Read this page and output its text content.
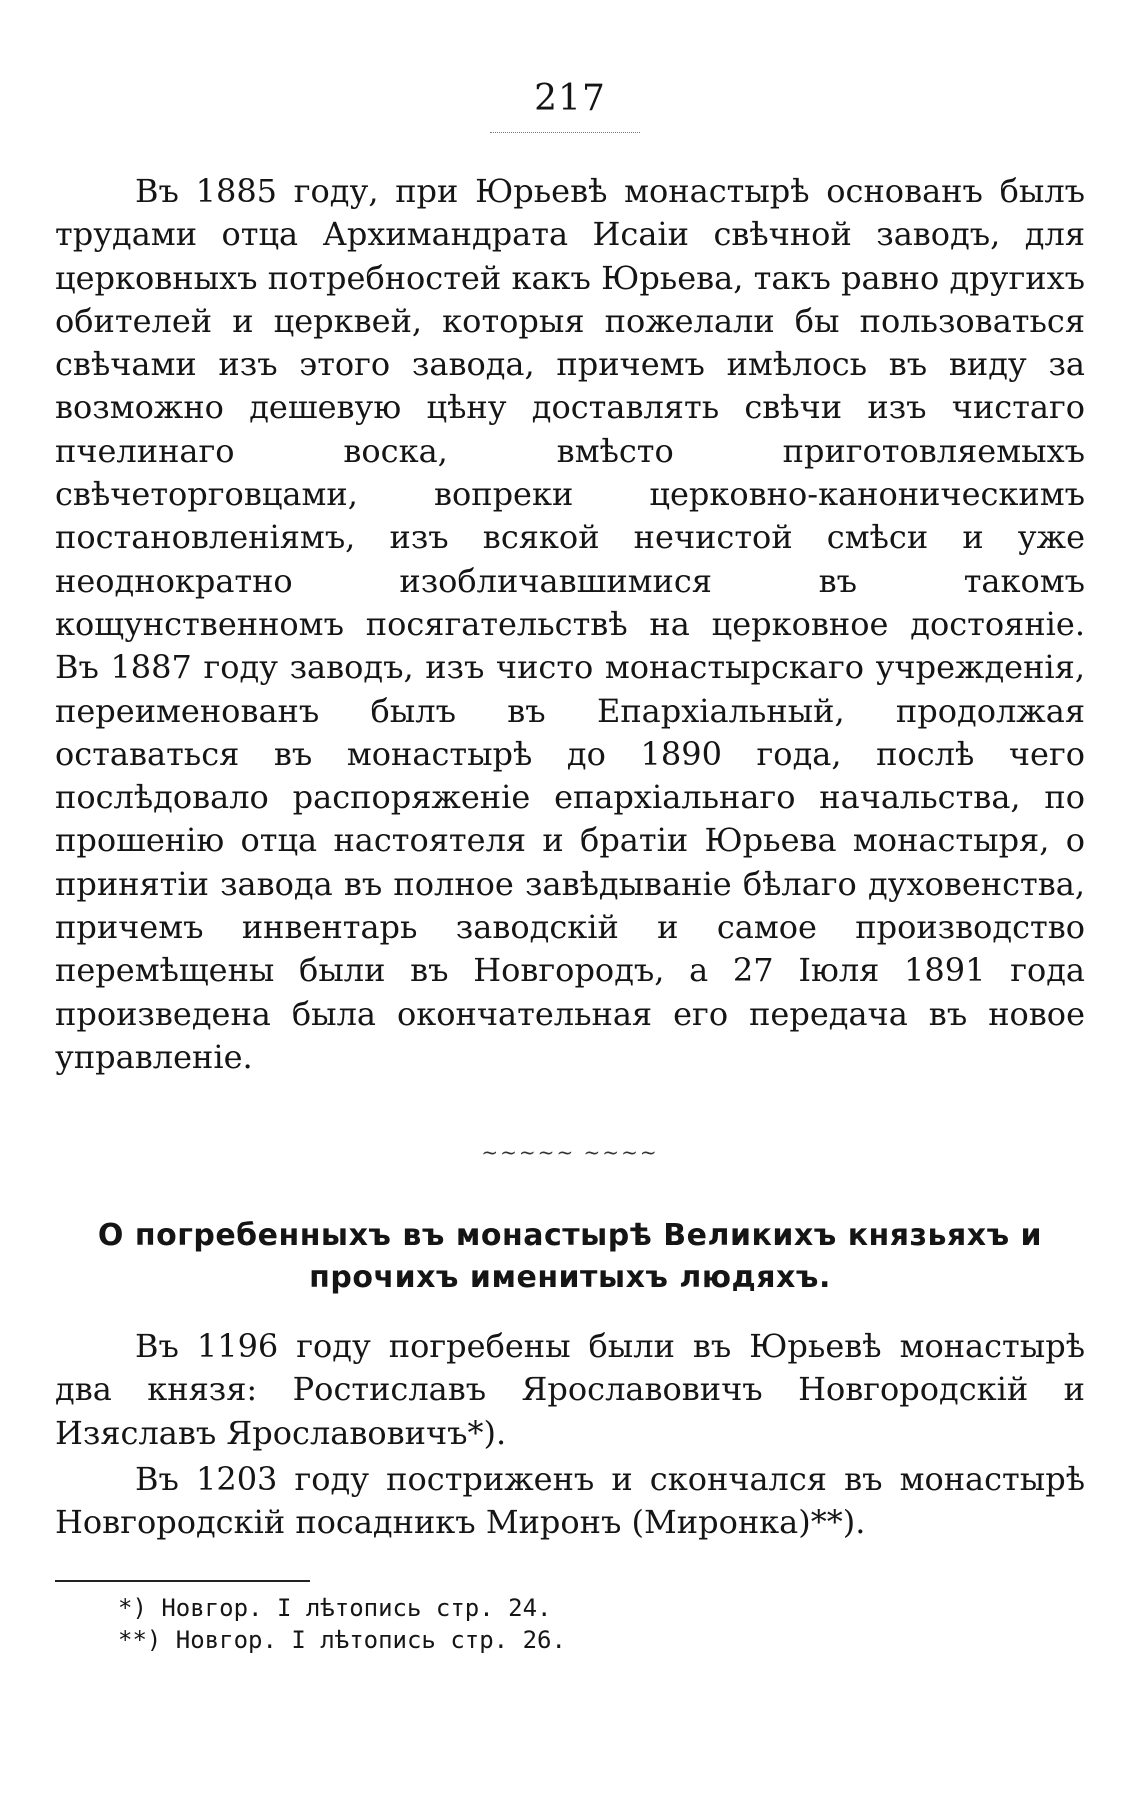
217

Въ 1885 году, при Юрьевѣ монастырѣ основанъ былъ трудами отца Архимандрата Исаіи свѣчной заводъ, для церковныхъ потребностей какъ Юрьева, такъ равно другихъ обителей и церквей, которыя пожелали бы пользоваться свѣчами изъ этого завода, причемъ имѣлось въ виду за возможно дешевую цѣну доставлять свѣчи изъ чистаго пчелинаго воска, вмѣсто приготовляемыхъ свѣчеторговцами, вопреки церковно-каноническимъ постановленіямъ, изъ всякой нечистой смѣси и уже неоднократно изобличавшимися въ такомъ кощунственномъ посягательствѣ на церковное достояніе. Въ 1887 году заводъ, изъ чисто монастырскаго учрежденія, переименованъ былъ въ Епархіальный, продолжая оставаться въ монастырѣ до 1890 года, послѣ чего послѣдовало распоряженіе епархіальнаго начальства, по прошенію отца настоятеля и братіи Юрьева монастыря, о принятіи завода въ полное завѣдываніе бѣлаго духовенства, причемъ инвентарь заводскій и самое производство перемѣщены были въ Новгородъ, а 27 Іюля 1891 года произведена была окончательная его передача въ новое управленіе.

~~~~~ ~~~~
О погребенныхъ въ монастырѣ Великихъ князьяхъ и прочихъ именитыхъ людяхъ.

Въ 1196 году погребены были въ Юрьевѣ монастырѣ два князя: Ростиславъ Ярославовичъ Новгородскій и Изяславъ Ярославовичъ*).

Въ 1203 году постриженъ и скончался въ монастырѣ Новгородскій посадникъ Миронъ (Миронка)**).

*) Новгор. I лѣтопись стр. 24.
**) Новгор. I лѣтопись стр. 26.
